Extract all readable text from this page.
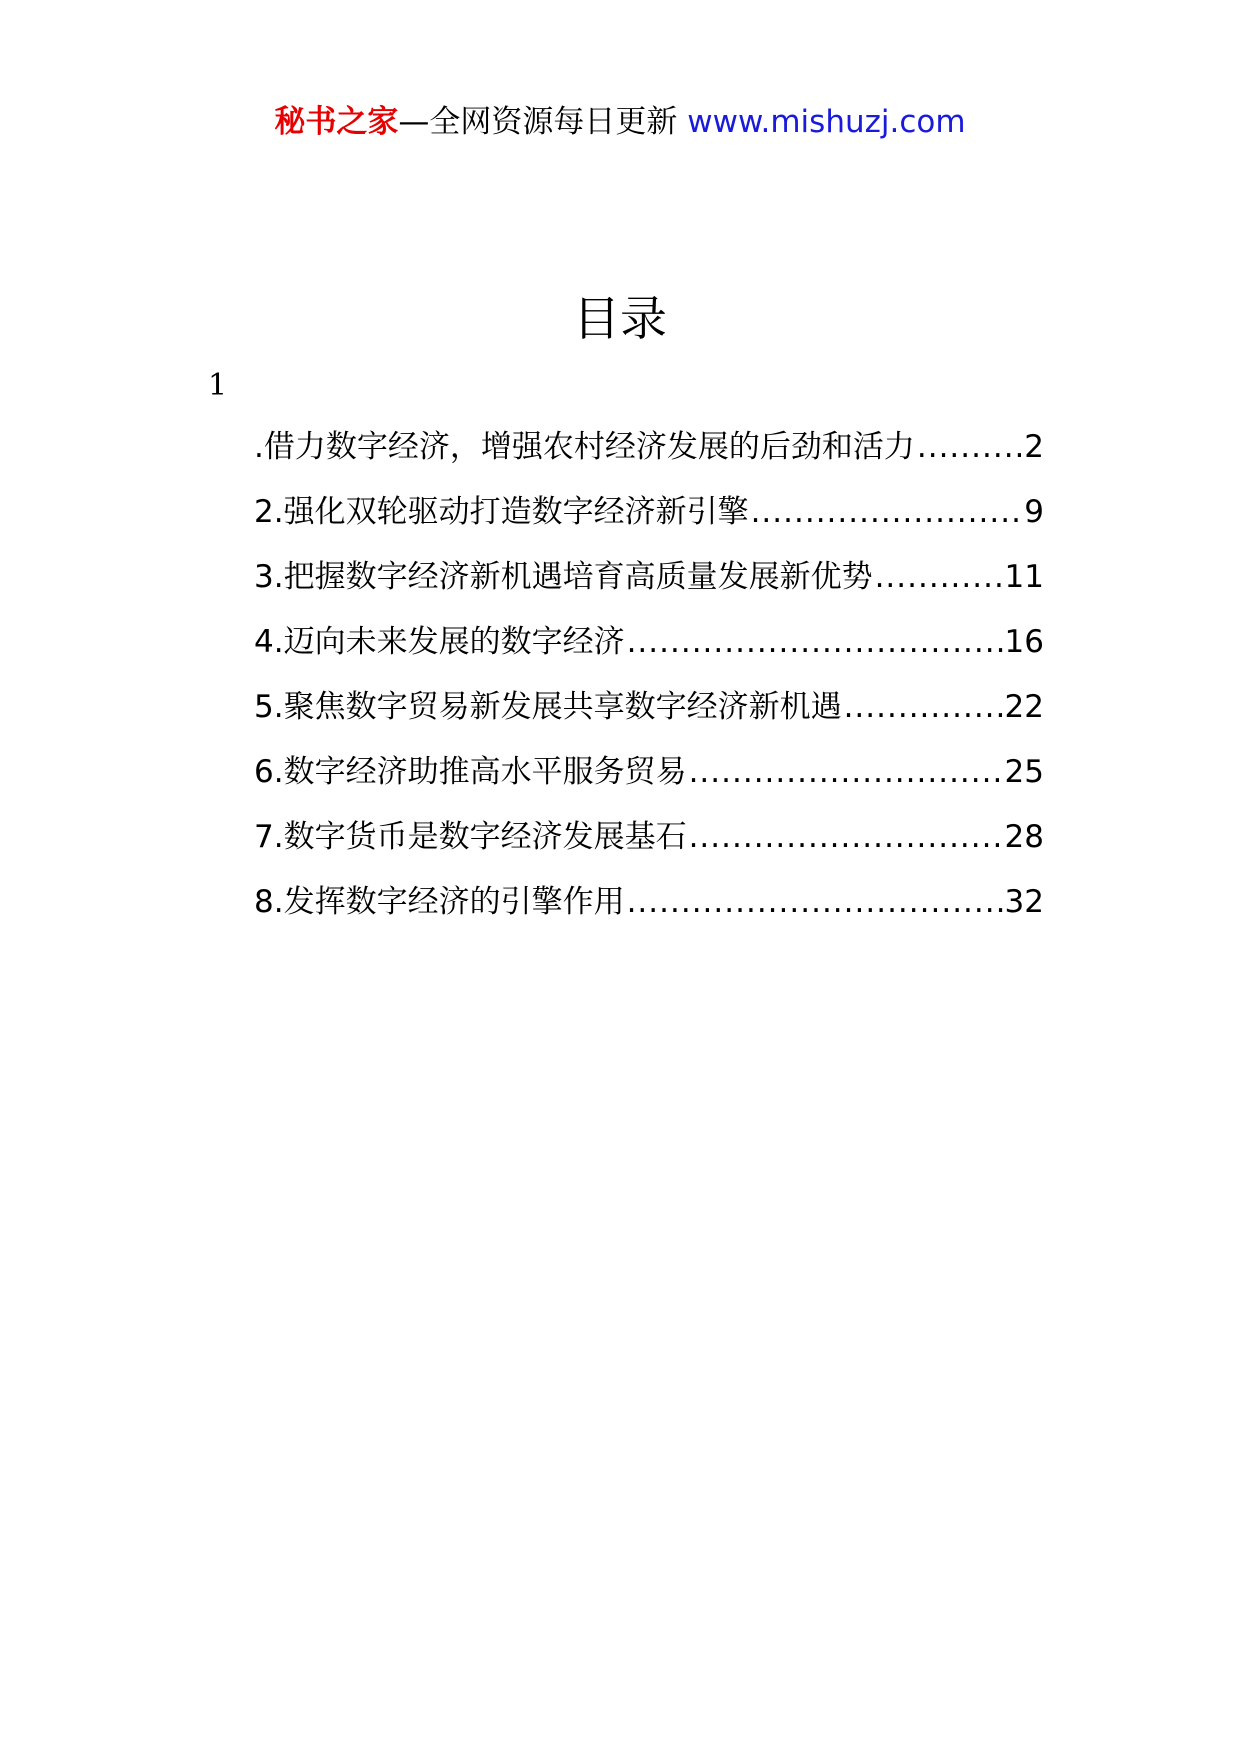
秘书之家—全网资源每日更新 www.mishuzj.com
目录
1
.借力数字经济，增强农村经济发展的后劲和活力 .....	2
2.强化双轮驱动打造数字经济新引擎 .....	9
3.把握数字经济新机遇培育高质量发展新优势 .....	11
4.迈向未来发展的数字经济 .....	16
5.聚焦数字贸易新发展共享数字经济新机遇 .....	22
6.数字经济助推高水平服务贸易 .....	25
7.数字货币是数字经济发展基石 .....	28
8.发挥数字经济的引擎作用 .....	32
